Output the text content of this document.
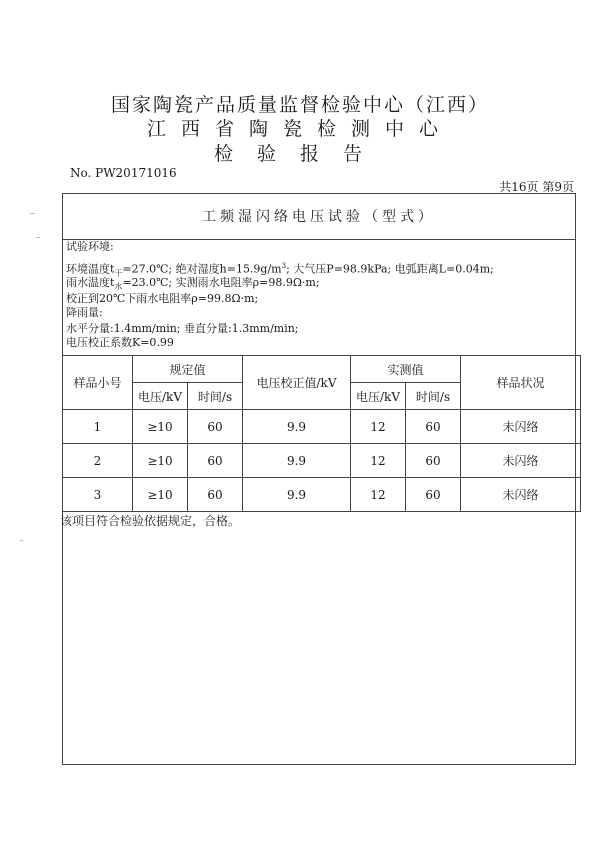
国家陶瓷产品质量监督检验中心（江西）
江西省陶瓷检测中心
检验报告
No. PW20171016
共16页 第9页
工频湿闪络电压试验（型式）
试验环境:
环境温度$t_干=27.0℃$; 绝对湿度$h=15.9g/m^3$; 大气压P=98.9kPa; 电弧距离L=0.04m;
雨水温度$t_水=23.0℃$; 实测雨水电阻率ρ=98.9Ω·m;
校正到20℃下雨水电阻率ρ=99.8Ω·m;
降雨量:
水平分量:1.4mm/min; 垂直分量:1.3mm/min;
电压校正系数K=0.99
样品小号	规定值		电压校正值/kV	实测值		样品状况
	电压/kV	时间/s		电压/kV	时间/s	
1	≥10	60	9.9	12	60	未闪络
2	≥10	60	9.9	12	60	未闪络
3	≥10	60	9.9	12	60	未闪络
该项目符合检验依据规定，合格。
